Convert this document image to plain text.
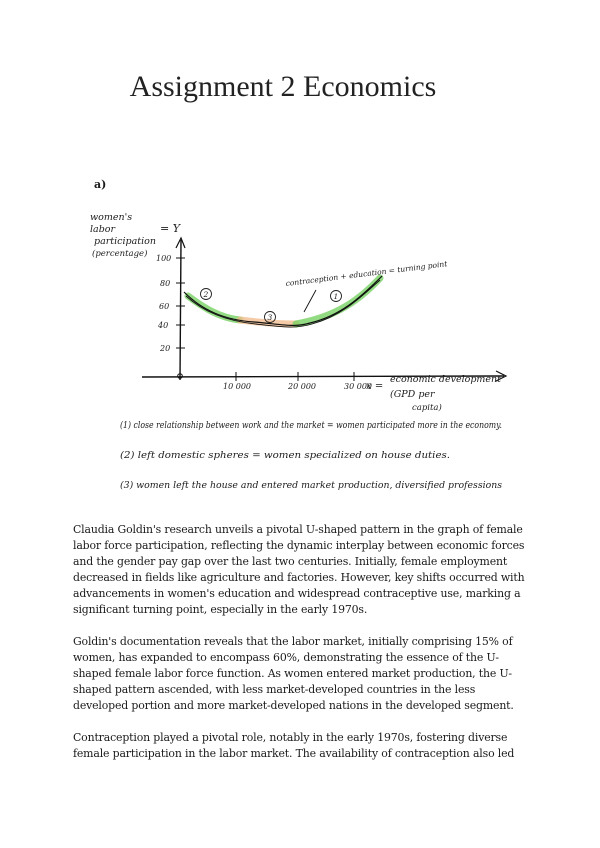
Assignment 2 Economics
a)
women's
labor
participation
(percentage)
= Y
100
80
60
40
20
10 000	20 000	30 000
x =
economic development
(GPD per
capita)
1
2
3
contraception + education = turning point
(1) close relationship between work and the market = women participated more in the economy.
(2) left domestic spheres = women specialized on house duties.
(3) women left the house and entered market production, diversified professions

Claudia Goldin's research unveils a pivotal U-shaped pattern in the graph of female labor force participation, reflecting the dynamic interplay between economic forces and the gender pay gap over the last two centuries. Initially, female employment decreased in fields like agriculture and factories. However, key shifts occurred with advancements in women's education and widespread contraceptive use, marking a significant turning point, especially in the early 1970s.

Goldin's documentation reveals that the labor market, initially comprising 15% of women, has expanded to encompass 60%, demonstrating the essence of the U-shaped female labor force function. As women entered market production, the U-shaped pattern ascended, with less market-developed countries in the less developed portion and more market-developed nations in the developed segment.

Contraception played a pivotal role, notably in the early 1970s, fostering diverse female participation in the labor market. The availability of contraception also led
